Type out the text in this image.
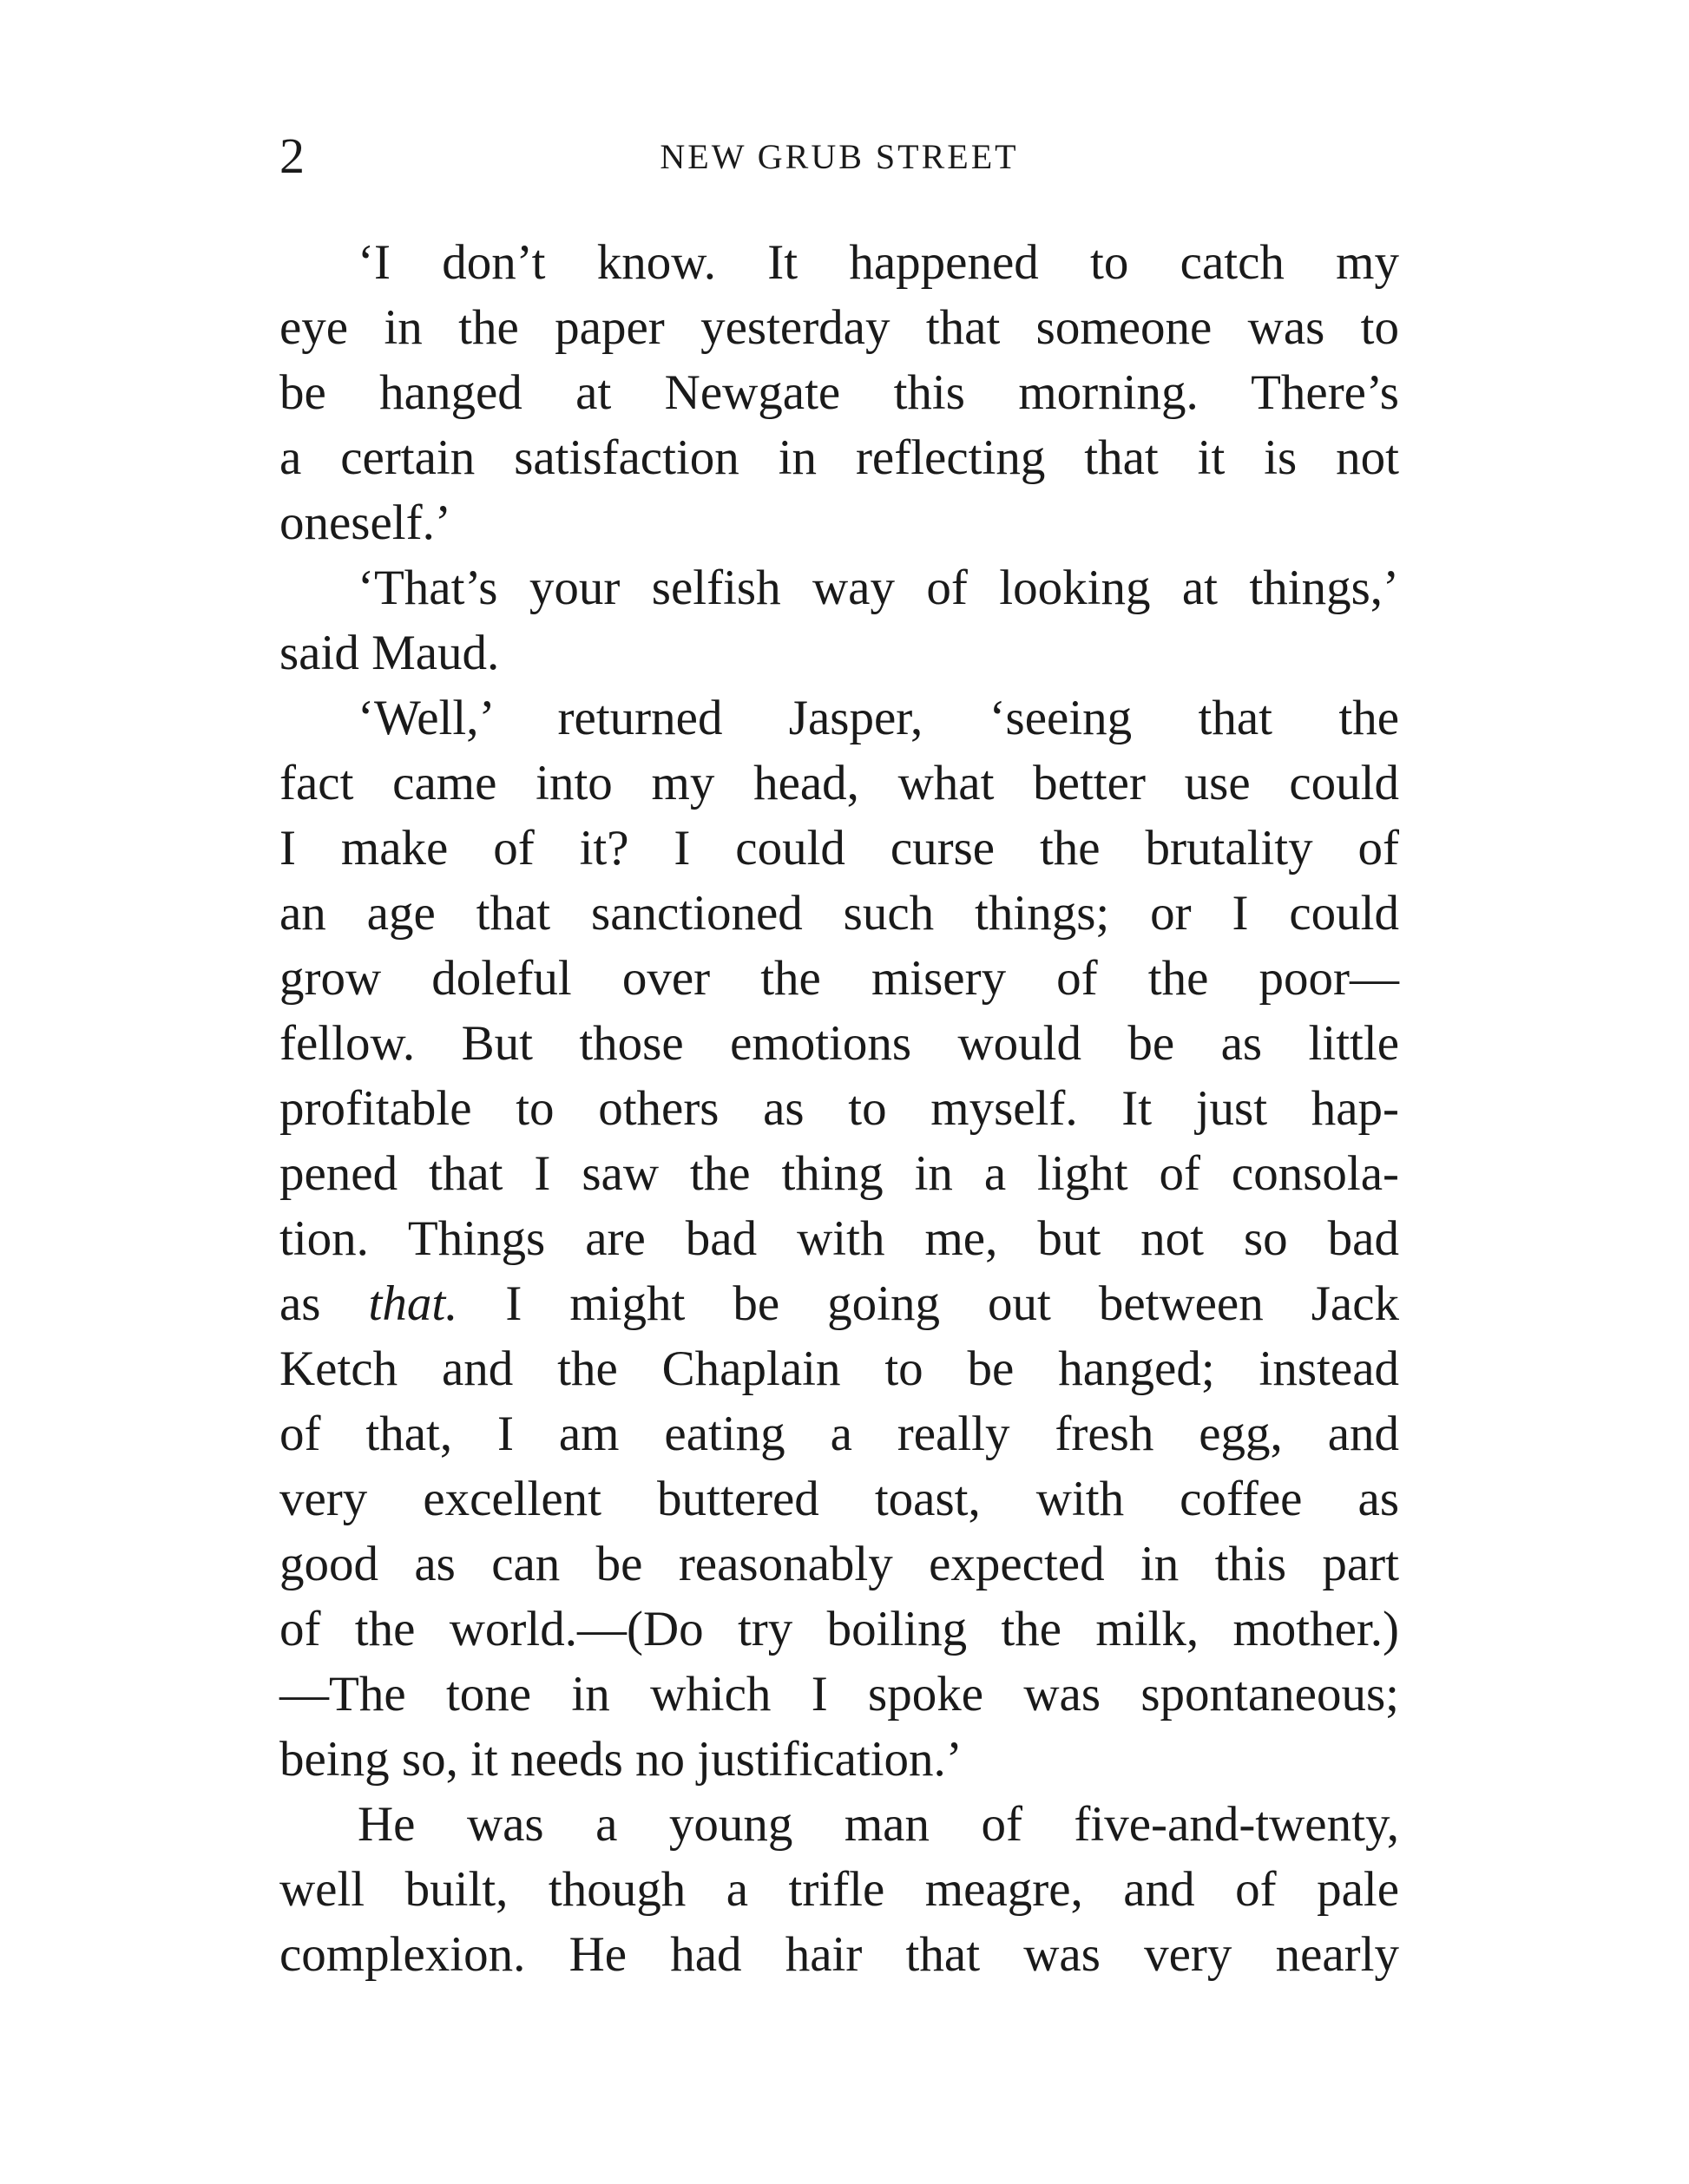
2	NEW GRUB STREET
‘I don’t know. It happened to catch my
eye in the paper yesterday that someone was to
be hanged at Newgate this morning. There’s
a certain satisfaction in reflecting that it is not
oneself.’
‘That’s your selfish way of looking at things,’
said Maud.
‘Well,’ returned Jasper, ‘seeing that the
fact came into my head, what better use could
I make of it? I could curse the brutality of
an age that sanctioned such things; or I could
grow doleful over the misery of the poor—
fellow. But those emotions would be as little
profitable to others as to myself. It just hap-
pened that I saw the thing in a light of consola-
tion. Things are bad with me, but not so bad
as that. I might be going out between Jack
Ketch and the Chaplain to be hanged; instead
of that, I am eating a really fresh egg, and
very excellent buttered toast, with coffee as
good as can be reasonably expected in this part
of the world.—(Do try boiling the milk, mother.)
—The tone in which I spoke was spontaneous;
being so, it needs no justification.’
He was a young man of five-and-twenty,
well built, though a trifle meagre, and of pale
complexion. He had hair that was very nearly
